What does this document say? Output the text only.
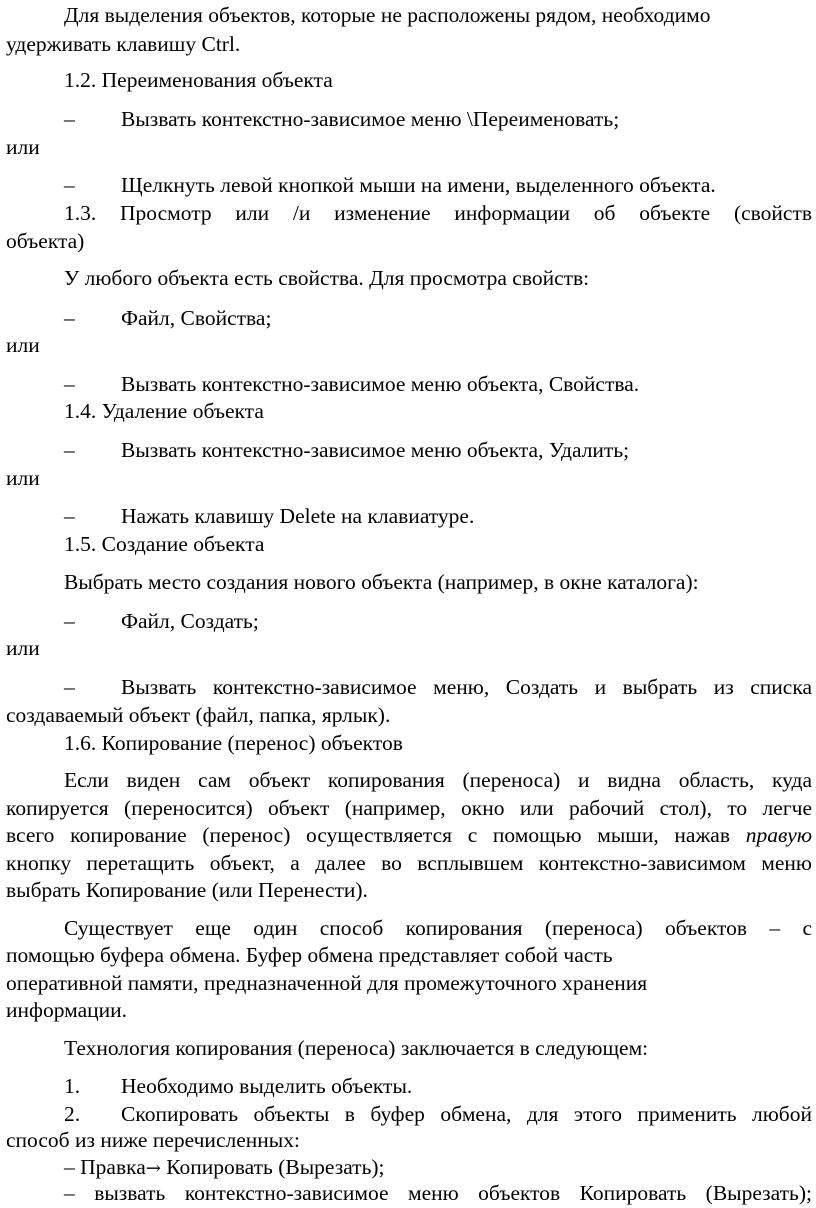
Для выделения объектов, которые не расположены рядом, необходимо
удерживать клавишу Ctrl.
1.2. Переименования объекта
– Вызвать контекстно-зависимое меню \Переименовать;
или
– Щелкнуть левой кнопкой мыши на имени, выделенного объекта.
1.3. Просмотр или /и изменение информации об объекте (свойств
объекта)
У любого объекта есть свойства. Для просмотра свойств:
– Файл, Свойства;
или
– Вызвать контекстно-зависимое меню объекта, Свойства.
1.4. Удаление объекта
– Вызвать контекстно-зависимое меню объекта, Удалить;
или
– Нажать клавишу Delete на клавиатуре.
1.5. Создание объекта
Выбрать место создания нового объекта (например, в окне каталога):
– Файл, Создать;
или
– Вызвать контекстно-зависимое меню, Создать и выбрать из списка
создаваемый объект (файл, папка, ярлык).
1.6. Копирование (перенос) объектов
Если виден сам объект копирования (переноса) и видна область, куда
копируется (переносится) объект (например, окно или рабочий стол), то легче
всего копирование (перенос) осуществляется с помощью мыши, нажав правую
кнопку перетащить объект, а далее во всплывшем контекстно-зависимом меню
выбрать Копирование (или Перенести).
Существует еще один способ копирования (переноса) объектов – с
помощью буфера обмена. Буфер обмена представляет собой часть
оперативной памяти, предназначенной для промежуточного хранения
информации.
Технология копирования (переноса) заключается в следующем:
1. Необходимо выделить объекты.
2. Скопировать объекты в буфер обмена, для этого применить любой
способ из ниже перечисленных:
– Правка→ Копировать (Вырезать);
– вызвать контекстно-зависимое меню объектов Копировать (Вырезать);
